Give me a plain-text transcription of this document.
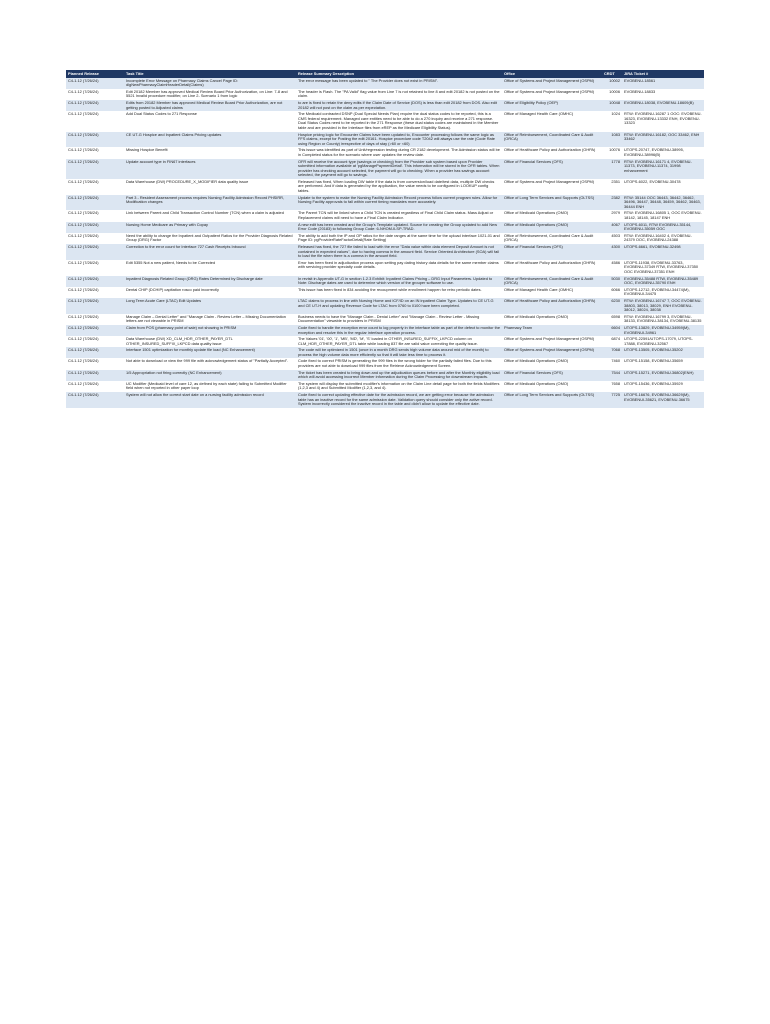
Planned Release	Task Title	Release Summary Description	Office	CRDT	JIRA Ticket #
C4-1.12 (7/26/24)	Incomplete Error Message on Pharmacy Claims Cancel Page ID: dlgNewPharmacyClaimHeaderDetail(Claims)	The error message has been updated to " The Provider does not exist in PRISM".	Office of Systems and Project Management (OSPM)	10002	EVOBENU-18561
C4-1.12 (7/26/24)	Edit 20182 Member has approved Medical Review Board Prior Authorization, on Line: 7-8 and 5521 Invalid procedure modifier, on Line 2- Scenario 1 from logic	The header is Flash. The "PA Valid" flag value from Line 7 is not retained to line 8 and edit 20182 is not posted on the claim.	Office of Systems and Project Management (OSPM)	10006	EVOBENU-18833
C4-1.12 (7/26/24)	Edits from 20182 Member has approved Medical Review Board Prior Authorization, are not getting posted to Adjusted claims	to are is fixed to retain the deny edits if the Claim Date of Service (DOS) is less than edit 20182 from DOS. Also edit 20182 will not post on the claim as per expectation.	Office of Eligibility Policy (OEP)	10048	EVOBENU-18038, EVOBENU-18609(B)
C4-1.12 (7/26/24)	Add Dual Status Codes to 271 Response	The Medicaid contracted DSNP (Dual Special Needs Plan) require the dual status codes to be reported, this is a CMS federal requirement. Managed care entities need to be able to do a 270 inquiry and receive a 271 response. Dual Status Codes need to be reported in the 271 Response (these dual status codes are maintained in the Member table and are provided in the Interface files from eREP as the Medicare Eligibility Status).	Office of Managed Health Care (OMHC)	1024	RTW: EVOBENU-16287 1 OOC: EVOBENU-16323, EVOBENU-13332 ENH, EVOBENU-13323
C4-1.12 (7/26/24)	CE UT-G Hospice and Inpatient Claims Pricing updates	Hospice pricing logic for Encounter Claims have been updated to, Encounter processing follows the same logic as FFS claims, except for Posting the edit 20161. Hospice procedure code T2042 will always use the rate (Code Rate using Region or County) irrespective of days of stay (>60 or <60)	Office of Reimbursement, Coordinated Care & Audit (ORCA)	1083	RTW: EVOBENU-16182, OOC 33462, ENH 33462
C4-1.12 (7/26/24)	Missing Hospice Benefit	This issue was identified as part of Unit/regression testing during CR 2182 development. The Admission status will be in Completed status for the scenario where user updates the review date.	Office of Healthcare Policy and Authorization (OHPA)	10076	UTOPS-20747, EVOBENU-38995, EVOBENU-38996(B)
C4-1.12 (7/26/24)	Update account type in FIN67 interfaces	OFR will receive the account type (savings or checking) from the Provider sub system based upon Provider submitted information available at 'pgManagePaymentDetail'. This information will be stored in the OFR tables. When provider has checking account selected, the payment will go to checking. When a provider has savings account selected, the payment will go to savings.	Office of Financial Services (OFS)	1778	RTW: EVOBENU-16171 4, EVOBENU-11373, EVOBENU-11374, 31998 enhancement
C4-1.12 (7/26/24)	Data Warehouse (DW) PROCEDURE_X_MODIFIER data quality issue	Released has fixed, When loading DW table if the data is from conversion/load date/test data, multiple DW checks are performed. And if data is generated by the application, the value needs to be configured in LOOKUP config tables.	Office of Systems and Project Management (OSPM)	2351	UTOPS-6022, EVOBENU-30478
C4-1.12 (7/26/24)	Part 3 - Resident Assessment process requires Nursing Facility Admission Record PHSIRR, Modification changes	Update to the system to make the Nursing Facility Admission Record process follow current program rules. Allow for Nursing Facility approvals to fall within current timing mandates more accurately.	Office of Long Term Services and Supports (OLTSS)	2382	RTW: 35144 OOC 36443, 36442, 36462, 36496, 36447, 36448, 36459, 36462, 36463, 36444 ENH
C4-1.12 (7/26/24)	Link between Parent and Child Transaction Control Number (TCN) when a claim is adjusted	The Parent TCN will be linked when a Child TCN is created regardless of Final Child Claim status. Mass Adjust or Replacement claims will need to have a Final Claim Indicator.	Office of Medicaid Operations (OMO)	2979	RTW: EVOBENU-16805 1, OOC EVOBENU-18142, 18145, 18147 ENH
C4-1.12 (7/26/24)	Nursing Home Medicare as Primary with Copay	A new edit has been created and the Group's Template updated. Source for creating the Group updated to add New Error Code (20183) to following Group Code: 6-NHOM-ILSP-TRAD.	Office of Medicaid Operations (OMO)	4067	UTOPS-6011, RTW EVOBENU-35144, EVOBENU-35059 OOC
C4-1.12 (7/26/24)	Need the ability to change the Inpatient and Outpatient Ratios for the Provider Diagnosis Related Group (DRG) Factor	The ability to add both the IP and OP ratios for the date ranges at the same time for the upload interface 1021-01 and Page ID: pgProviderRateFactorDetail(Rate Setting)	Office of Reimbursement, Coordinated Care & Audit (ORCA)	4503	RTW: EVOBENU-16402 4, EVOBENU-24379 OOC, EVOBENU-24388
C4-1.12 (7/26/24)	Correction to the error count for Interface 727 Cash Receipts Inbound	Released has fixed, the 727 file failed to load with the error "Data value within data element Deposit Amount is not contained in expected values", due to having comma in the amount field. Service Oriented Architecture (SOA) will fail to load the file when there is a comma in the amount field.	Office of Financial Services (OFS)	4300	UTOPS-6661, EVOBENU-32498
C4-1.12 (7/26/24)	Edit 5355 Not a new patient, Needs to be Corrected	Error has been fixed in adjudication process upon setting pay dating history data details for the same member claims with servicing provider specialty code details.	Office of Healthcare Policy and Authorization (OHPA)	4586	UTOPS-11938, EVOBENU-33763, EVOBENU-37349 RTW, EVOBENU-37350 OOC EVOBENU-37351 ENH
C4-1.12 (7/26/24)	Inpatient Diagnosis Related Group (DRG) Rates Determined by Discharge date	In revisit in Appendix UT-G in section 1.2.3 Exhibit: Inpatient Claims Pricing – DRG Input Parameters. Updated to Note: Discharge dates are used to determine which version of the grouper software to use.	Office of Reimbursement, Coordinated Care & Audit (ORCA)	5030	EVOBENU-35488 RTW, EVOBENU-35489 OOC, EVOBENU-35790 ENH
C4-1.12 (7/26/24)	Dental CHIP (DCHIP) capitation rosco paid incorrectly	This issue has been fixed in 834 avoiding the recoupment while enrollment happen for retro periodic dates.	Office of Managed Health Care (OMHC)	6066	UTOPS-12712, EVOBENU-34474(M), EVOBENUI-34475
C4-1.12 (7/26/24)	Long Term Acute Care (LTAC) Edit Updates	LTAC claims to process in line with Nursing Home and ICF/ID on an IN inpatient Claim Type. Updates to CE UT-G and CE UT-H and updating Revenue Code for LTAC from 0760 to 0100 have been completed.	Office of Healthcare Policy and Authorization (OHPA)	6230	RTW: EVOBENU-16747 7, OOC EVOBENU-38803, 38013, 38029, ENH EVOBENU-38012, 38024, 38038
C4-1.12 (7/26/24)	Manage Claim – Denial Letter" and "Manage Claim - Review Letter – Missing Documentation letters are not viewable in PRISM	Business needs to have the "Manage Claim - Denial Letter" and "Manage Claim - Review Letter - Missing Documentation" viewable to providers in PRISM	Office of Medicaid Operations (OMO)	6598	RTW: EVOBENU-16799 3, EVOBENU-38133, EVOBENU-38134, EVOBENU-38135
C4-1.12 (7/26/24)	Claim from POS (pharmacy point of sale) not showing in PRISM	Code fixed to handle the exception error count to log properly in the interface table as part of the defect to monitor the exception and resolve this in the regular interface operation process.	Pharmacy Team	6604	UTOPS-13829, EVOBENU-34959(M), EVOBENUI-34961
C4-1.12 (7/26/24)	Data Warehouse (DW) XD_CLM_HDR_OTHER_PAYER_DTL OTHER_INSURED_SUFFIX_LKPCD data quality issue	The Values '01', '00', '1', 'MB', 'MD', 'M', 'S' loaded in OTHER_INSURED_SUFFIX_LKPCD column on CLM_HDR_OTHER_PAYER_DTL table while loading 837 file are valid value correcting the quality issue.	Office of Systems and Project Management (OSPM)	6874	UTOPS-22591/UTOPS-17079, UTOPS-17888, EVOBENU-32567
C4-1.12 (7/26/24)	Interface 1501 optimization for monthly update file load (NC Enhancement)	The code will be optimized in 1501 (once in a month DRG sends high volume data around mid of the month) to process the high volume data more efficiently so that it will take less time to process it.	Office of Systems and Project Management (OSPM)	7068	UTOPS-13505, EVOBENU-35202
C4-1.12 (7/26/24)	Not able to download or view the 999 file with acknowledgement status of "Partially Accepted".	Code fixed to correct PRISM is generating the 999 files in the wrong folder for the partially failed files. Due to this providers are not able to download 999 files from the Retrieve Acknowledgement Screen.	Office of Medicaid Operations (OMO)	7460	UTOPS-15158, EVOBENU-35659
C4-1.12 (7/26/24)	1/5 Appropriation not firing correctly (NC Enhancement)	The ticket has been created to bring down and up the adjudication queues before and after the Monthly eligibility load which will avoid accessing incorrect Member information during the Claim Processing for downstream impacts.	Office of Financial Services (OFS)	7544	UTOPS-15271, EVOBENU-36802(ENH)
C4-1.12 (7/26/24)	UC Modifier (Medicaid level of care 12, as defined by each state) failing to Submitted Modifier field when not reported in other payer loop	The system will display the submitted modifier's information on the Claim Line detail page for both the fields Modifiers (1,2,3 and 4) and Submitted Modifier (1,2,3, and 4).	Office of Medicaid Operations (OMO)	7658	UTOPS-15436, EVOBENU-35929
C4-1.12 (7/26/24)	System will not allow the correct start date on a nursing facility admission record	Code fixed to correct updating effective date for the admission record, we are getting error because the admission table has an inactive record for the same admission date. Validation query should consider only the active record. System incorrectly considered the inactive record in the table and didn't allow to update the effective date.	Office of Long Term Services and Supports (OLTSS)	7725	UTOPS-16676, EVOBENU-36629(M), EVOBENUI-35621, EVOBENU-36675
